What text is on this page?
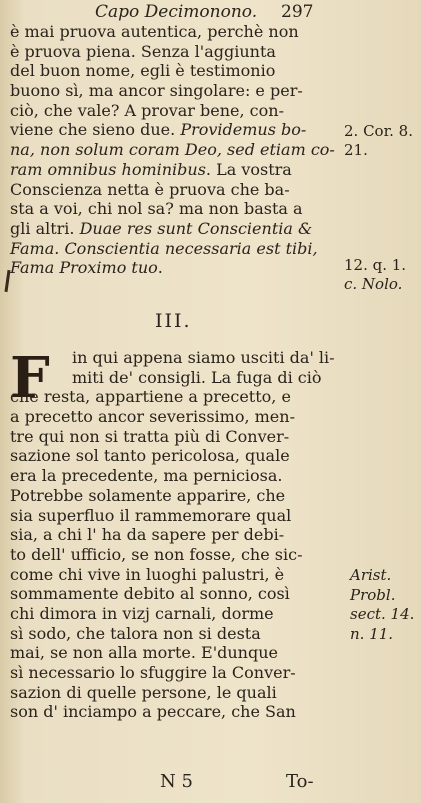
Capo Decimonono. 297
è mai pruova autentica, perchè non
è pruova piena. Senza l'aggiunta
del buon nome, egli è testimonio
buono sì, ma ancor singolare: e per-
ciò, che vale? A provar bene, con-
viene che sieno due. Providemus bo-
na, non solum coram Deo, sed etiam co-
ram omnibus hominibus. La vostra
Conscienza netta è pruova che ba-
sta a voi, chi nol sa? ma non basta a
gli altri. Duae res sunt Conscientia &
Fama. Conscientia necessaria est tibi,
Fama Proximo tuo.
III.
F	in qui appena siamo usciti da' li-
miti de' consigli. La fuga di ciò
che resta, appartiene a precetto, e
a precetto ancor severissimo, men-
tre qui non si tratta più di Conver-
sazione sol tanto pericolosa, quale
era la precedente, ma perniciosa.
Potrebbe solamente apparire, che
sia superfluo il rammemorare qual
sia, a chi l' ha da sapere per debi-
to dell' ufficio, se non fosse, che sic-
come chi vive in luoghi palustri, è
sommamente debito al sonno, così
chi dimora in vizj carnali, dorme
sì sodo, che talora non si desta
mai, se non alla morte. E'dunque
sì necessario lo sfuggire la Conver-
sazion di quelle persone, le quali
son d' inciampo a peccare, che San
2. Cor. 8.
21.
12. q. 1.
c. Nolo.
Arist.
Probl.
sect. 14.
n. 11.
N 5	To-
